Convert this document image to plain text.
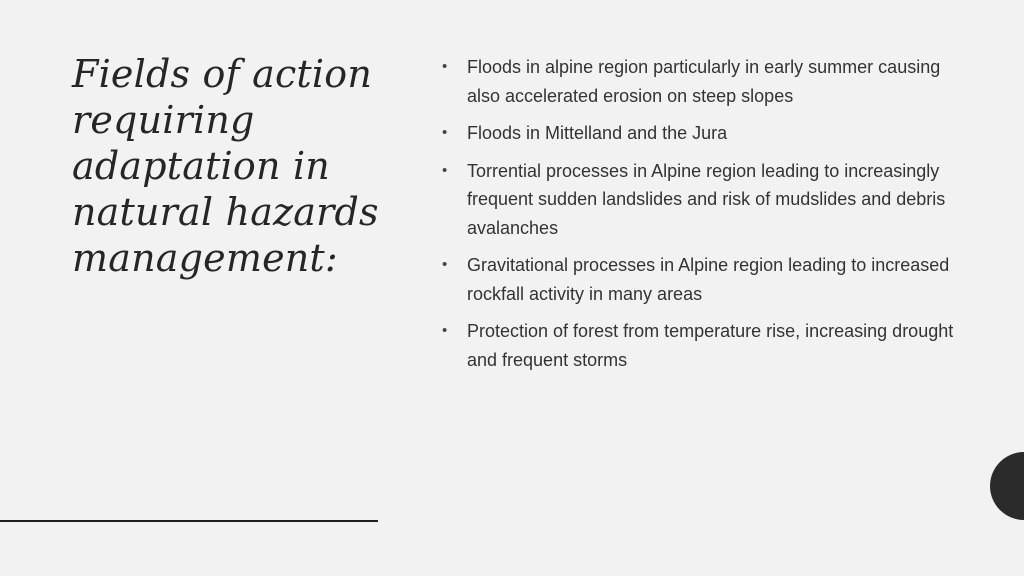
Fields of action requiring adaptation in natural hazards management:
• Floods in alpine region particularly in early summer causing also accelerated erosion on steep slopes
• Floods in Mittelland and the Jura
• Torrential processes in Alpine region leading to increasingly frequent sudden landslides and risk of mudslides and debris avalanches
• Gravitational processes in Alpine region leading to increased rockfall activity in many areas
• Protection of forest from temperature rise, increasing drought and frequent storms
